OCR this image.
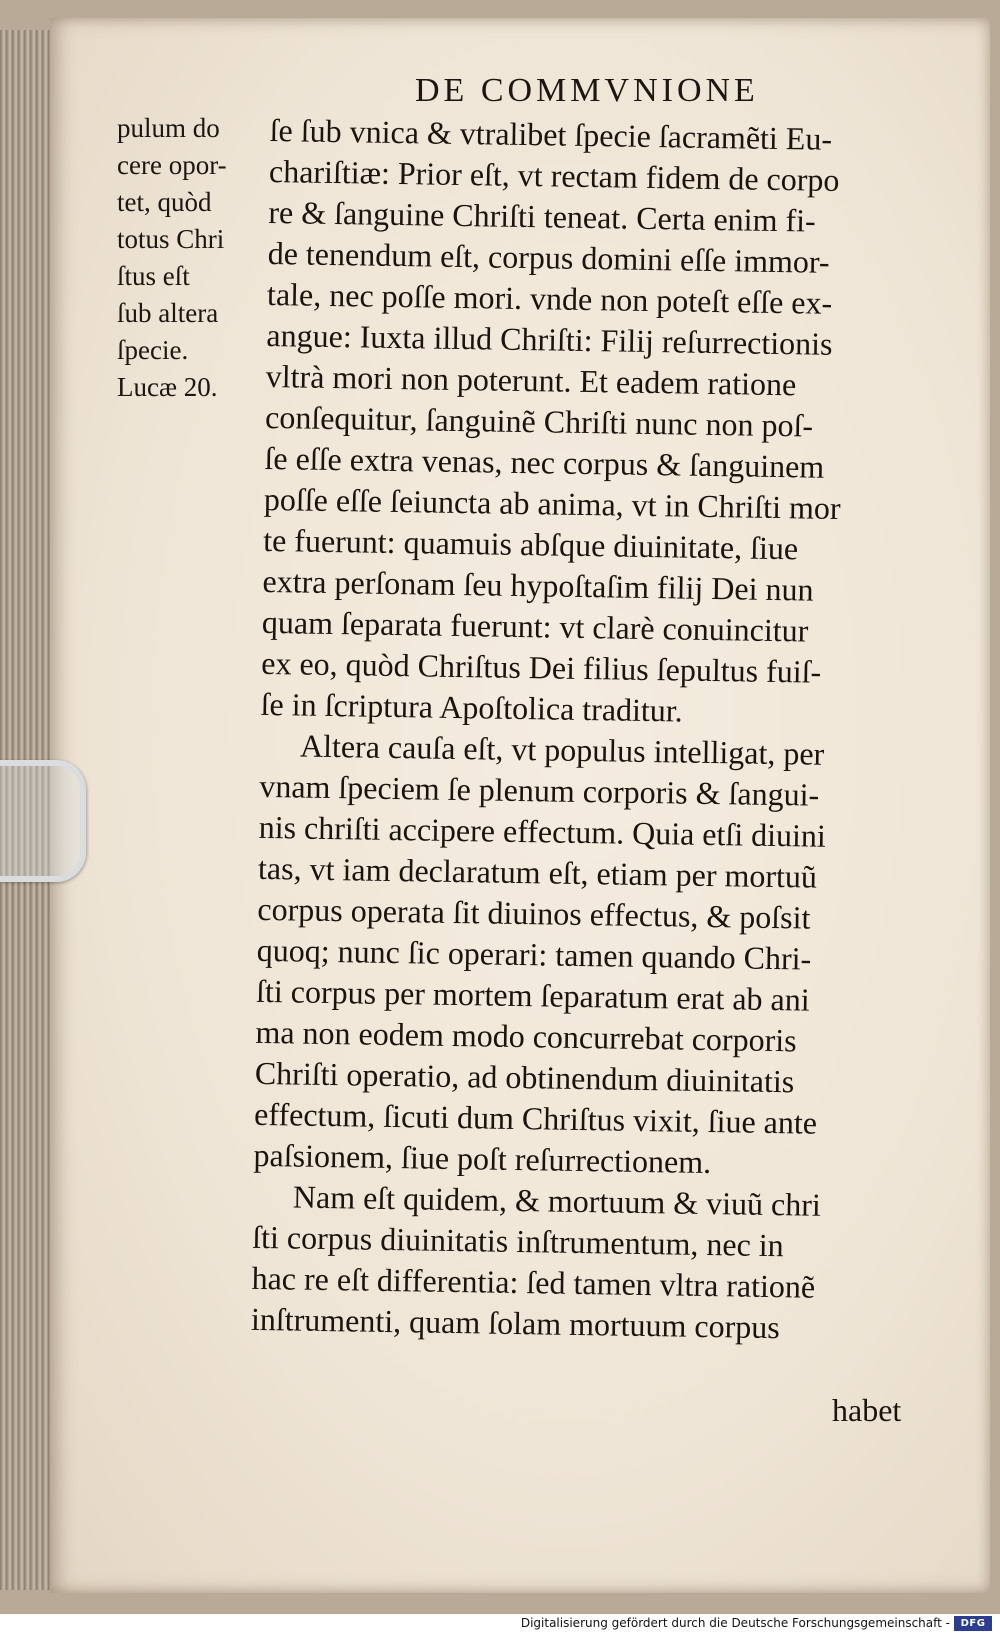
DE COMMVNIONE
pulum do
cere opor-
tet, quòd
totus Chri
ſtus eſt
ſub altera
ſpecie.
Lucæ 20.
ſe ſub vnica & vtralibet ſpecie ſacramẽti Eu-
chariſtiæ: Prior eſt, vt rectam fidem de corpo
re & ſanguine Chriſti teneat. Certa enim fi-
de tenendum eſt, corpus domini eſſe immor-
tale, nec poſſe mori. vnde non poteſt eſſe ex-
angue: Iuxta illud Chriſti: Filij reſurrectionis
vltrà mori non poterunt. Et eadem ratione
conſequitur, ſanguinẽ Chriſti nunc non poſ-
ſe eſſe extra venas, nec corpus & ſanguinem
poſſe eſſe ſeiuncta ab anima, vt in Chriſti mor
te fuerunt: quamuis abſque diuinitate, ſiue
extra perſonam ſeu hypoſtaſim filij Dei nun
quam ſeparata fuerunt: vt clarè conuincitur
ex eo, quòd Chriſtus Dei filius ſepultus fuiſ-
ſe in ſcriptura Apoſtolica traditur.
Altera cauſa eſt, vt populus intelligat, per
vnam ſpeciem ſe plenum corporis & ſangui-
nis chriſti accipere effectum. Quia etſi diuini
tas, vt iam declaratum eſt, etiam per mortuũ
corpus operata ſit diuinos effectus, & poſsit
quoq; nunc ſic operari: tamen quando Chri-
ſti corpus per mortem ſeparatum erat ab ani
ma non eodem modo concurrebat corporis
Chriſti operatio, ad obtinendum diuinitatis
effectum, ſicuti dum Chriſtus vixit, ſiue ante
paſsionem, ſiue poſt reſurrectionem.
Nam eſt quidem, & mortuum & viuũ chri
ſti corpus diuinitatis inſtrumentum, nec in
hac re eſt differentia: ſed tamen vltra rationẽ
inſtrumenti, quam ſolam mortuum corpus
habet
Digitalisierung gefördert durch die Deutsche Forschungsgemeinschaft -	DFG
